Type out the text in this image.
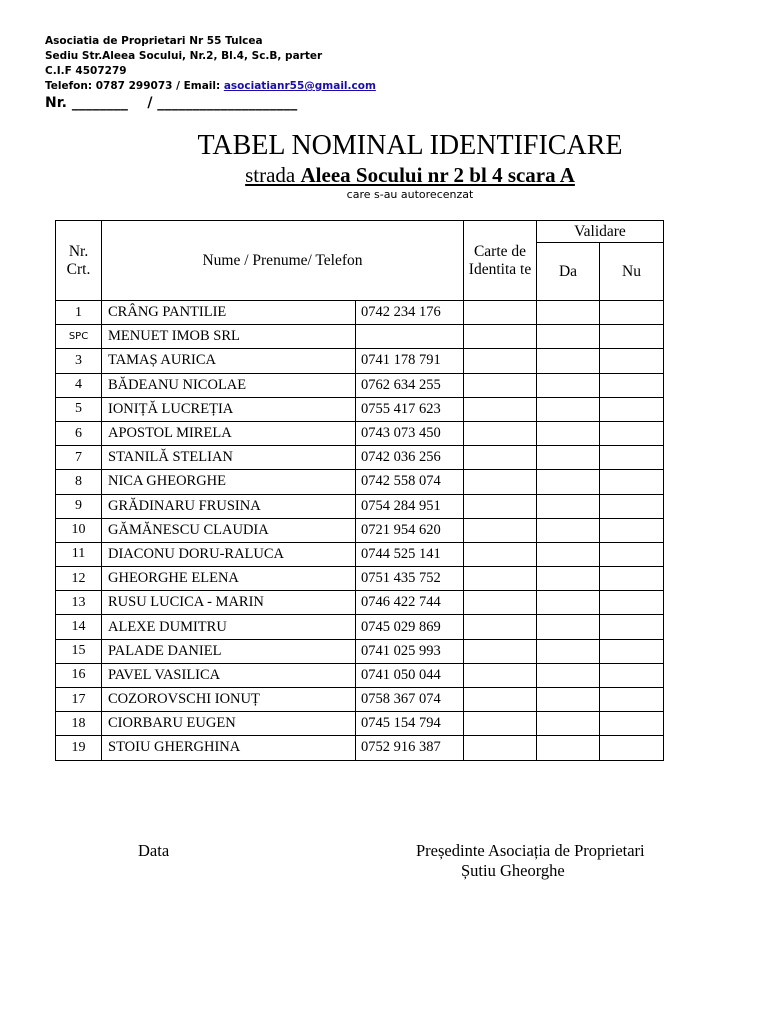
Asociatia de Proprietari Nr 55 Tulcea
Sediu Str.Aleea Socului, Nr.2, Bl.4, Sc.B, parter
C.I.F 4507279
Telefon: 0787 299073 / Email: asociatianr55@gmail.com
Nr. ________    / ____________________
TABEL NOMINAL IDENTIFICARE
strada Aleea Socului nr 2 bl 4 scara A
care s-au autorecenzat
Nr. Crt.	Nume / Prenume/ Telefon		Carte de Identita te	Validare	
				Da	Nu
1	CRÂNG PANTILIE	0742 234 176			
SPC	MENUET IMOB SRL				
3	TAMAȘ AURICA	0741 178 791			
4	BĂDEANU NICOLAE	0762 634 255			
5	IONIȚĂ LUCREȚIA	0755 417 623			
6	APOSTOL MIRELA	0743 073 450			
7	STANILĂ STELIAN	0742 036 256			
8	NICA GHEORGHE	0742 558 074			
9	GRĂDINARU FRUSINA	0754 284 951			
10	GĂMĂNESCU CLAUDIA	0721 954 620			
11	DIACONU DORU-RALUCA	0744 525 141			
12	GHEORGHE ELENA	0751 435 752			
13	RUSU LUCICA - MARIN	0746 422 744			
14	ALEXE DUMITRU	0745 029 869			
15	PALADE DANIEL	0741 025 993			
16	PAVEL VASILICA	0741 050 044			
17	COZOROVSCHI IONUȚ	0758 367 074			
18	CIORBARU EUGEN	0745 154 794			
19	STOIU GHERGHINA	0752 916 387			
Data	Președinte Asociația de Proprietari
Șutiu Gheorghe
